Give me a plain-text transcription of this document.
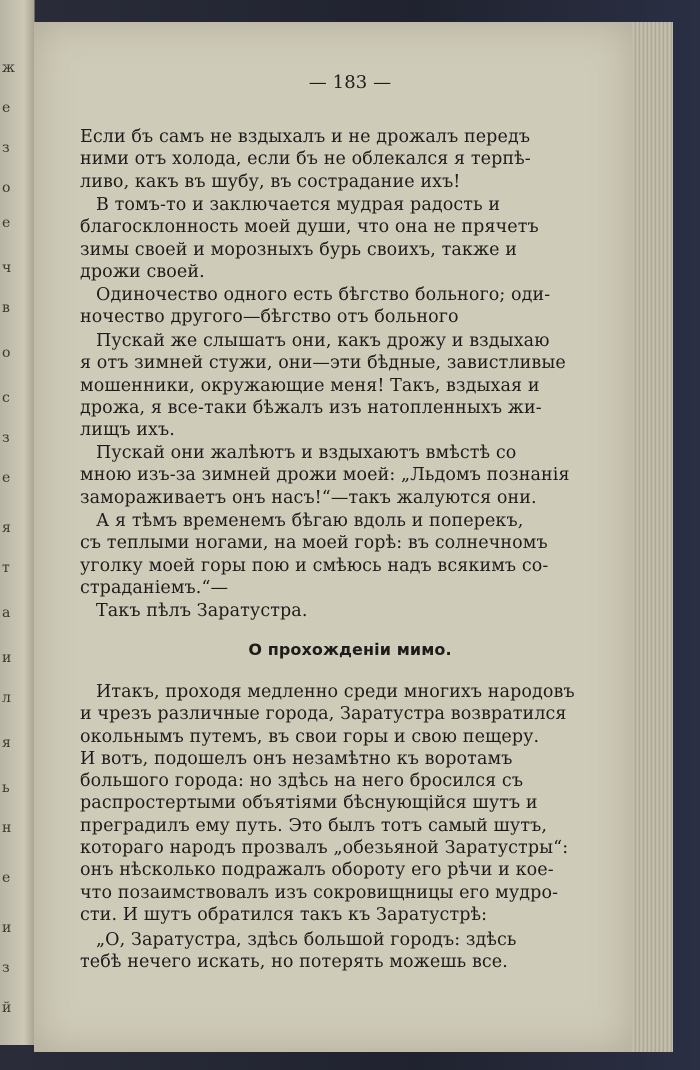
ж
е
з
о
е
ч
в
о
с
з
е
я
т
а
и
л
я
ь
н
е
и
з
й
— 183 —
Если бъ самъ не вздыхалъ и не дрожалъ передъ
ними отъ холода, если бъ не облекался я терпѣ-
ливо, какъ въ шубу, въ сострадание ихъ!
В томъ-то и заключается мудрая радость и
благосклонность моей души, что она не прячетъ
зимы своей и морозныхъ бурь своихъ, также и
дрожи своей.
Одиночество одного есть бѣгство больного; оди-
ночество другого—бѣгство отъ больного
Пускай же слышатъ они, какъ дрожу и вздыхаю
я отъ зимней стужи, они—эти бѣдные, завистливые
мошенники, окружающие меня! Такъ, вздыхая и
дрожа, я все-таки бѣжалъ изъ натопленныхъ жи-
лищъ ихъ.
Пускай они жалѣютъ и вздыхаютъ вмѣстѣ со
мною изъ-за зимней дрожи моей: „Льдомъ познанія
замораживаетъ онъ насъ!“—такъ жалуются они.
А я тѣмъ временемъ бѣгаю вдоль и поперекъ,
съ теплыми ногами, на моей горѣ: въ солнечномъ
уголку моей горы пою и смѣюсь надъ всякимъ со-
страданіемъ.“—
Такъ пѣлъ Заратустра.
О прохожденіи мимо.
Итакъ, проходя медленно среди многихъ народовъ
и чрезъ различные города, Заратустра возвратился
окольнымъ путемъ, въ свои горы и свою пещеру.
И вотъ, подошелъ онъ незамѣтно къ воротамъ
большого города: но здѣсь на него бросился съ
распростертыми объятіями бѣснующійся шутъ и
преградилъ ему путь. Это былъ тотъ самый шутъ,
котораго народъ прозвалъ „обезьяной Заратустры“:
онъ нѣсколько подражалъ обороту его рѣчи и кое-
что позаимствовалъ изъ сокровищницы его мудро-
сти. И шутъ обратился такъ къ Заратустрѣ:
„О, Заратустра, здѣсь большой городъ: здѣсь
тебѣ нечего искать, но потерять можешь все.
